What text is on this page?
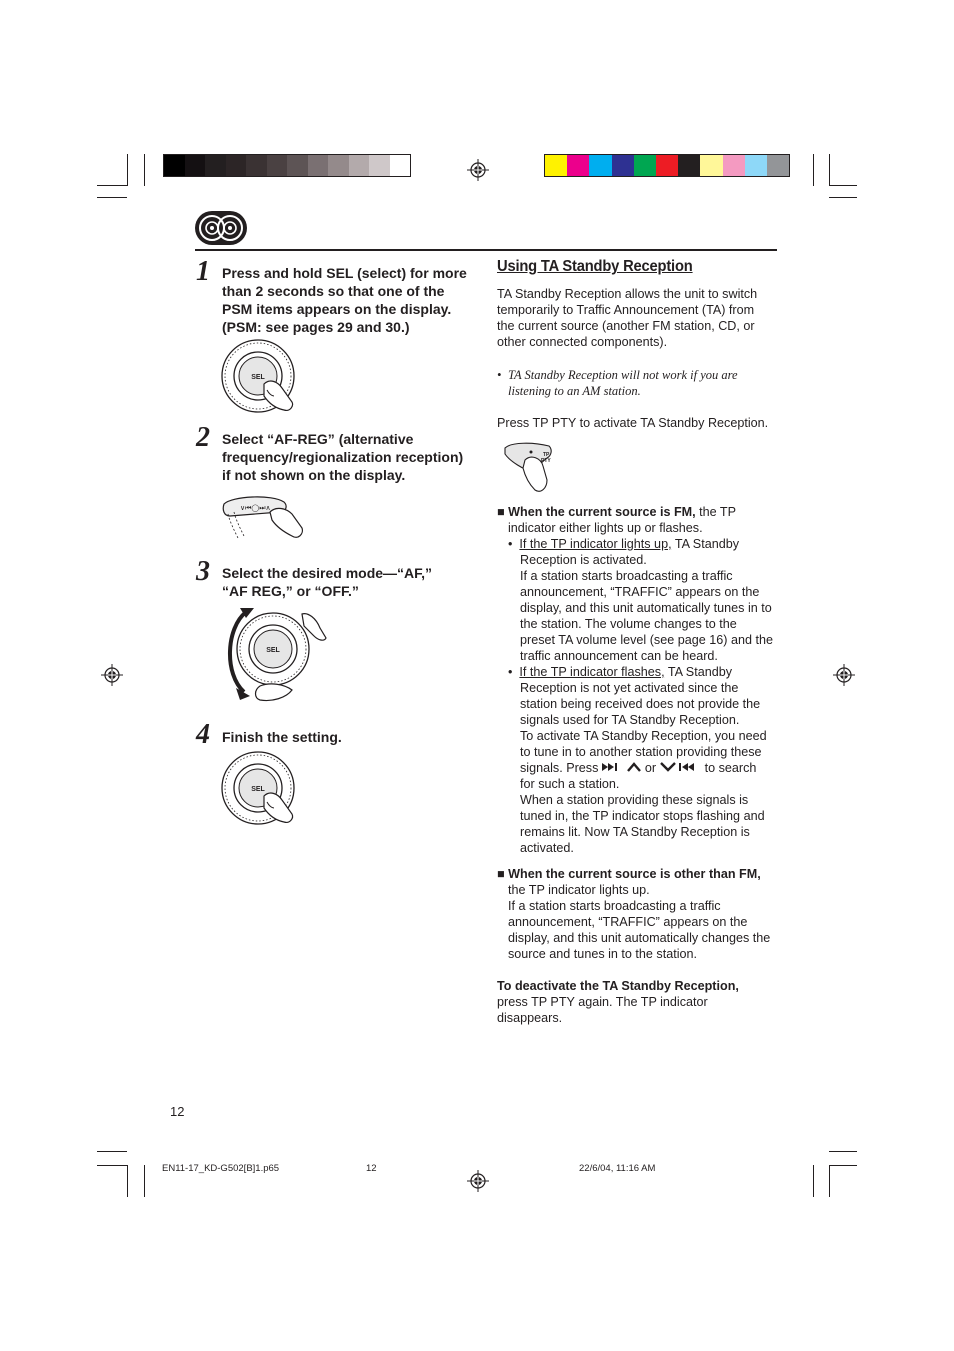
1 Press and hold SEL (select) for more
than 2 seconds so that one of the
PSM items appears on the display.
(PSM: see pages 29 and 30.)
SEL
2 Select “AF-REG” (alternative
frequency/regionalization reception)
if not shown on the display.
∨⏮◯⏭∧
3 Select the desired mode—“AF,”
“AF REG,” or “OFF.”
SEL
4 Finish the setting.
SEL
Using TA Standby Reception
TA Standby Reception allows the unit to switch
temporarily to Traffic Announcement (TA) from
the current source (another FM station, CD, or
other connected components).
• TA Standby Reception will not work if you are
listening to an AM station.
Press TP PTY to activate TA Standby Reception.
TP
PTY
■ When the current source is FM, the TP
indicator either lights up or flashes.
•  If the TP indicator lights up, TA Standby
Reception is activated.
If a station starts broadcasting a traffic
announcement, “TRAFFIC” appears on the
display, and this unit automatically tunes in to
the station. The volume changes to the
preset TA volume level (see page 16) and the
traffic announcement can be heard.
•  If the TP indicator flashes, TA Standby
Reception is not yet activated since the
station being received does not provide the
signals used for TA Standby Reception.
To activate TA Standby Reception, you need
to tune in to another station providing these
signals. Press	or	to search
for such a station.
When a station providing these signals is
tuned in, the TP indicator stops flashing and
remains lit. Now TA Standby Reception is
activated.
■ When the current source is other than FM,
the TP indicator lights up.
If a station starts broadcasting a traffic
announcement, “TRAFFIC” appears on the
display, and this unit automatically changes the
source and tunes in to the station.
To deactivate the TA Standby Reception,
press TP PTY again. The TP indicator
disappears.
12
EN11-17_KD-G502[B]1.p65	12	22/6/04, 11:16 AM
